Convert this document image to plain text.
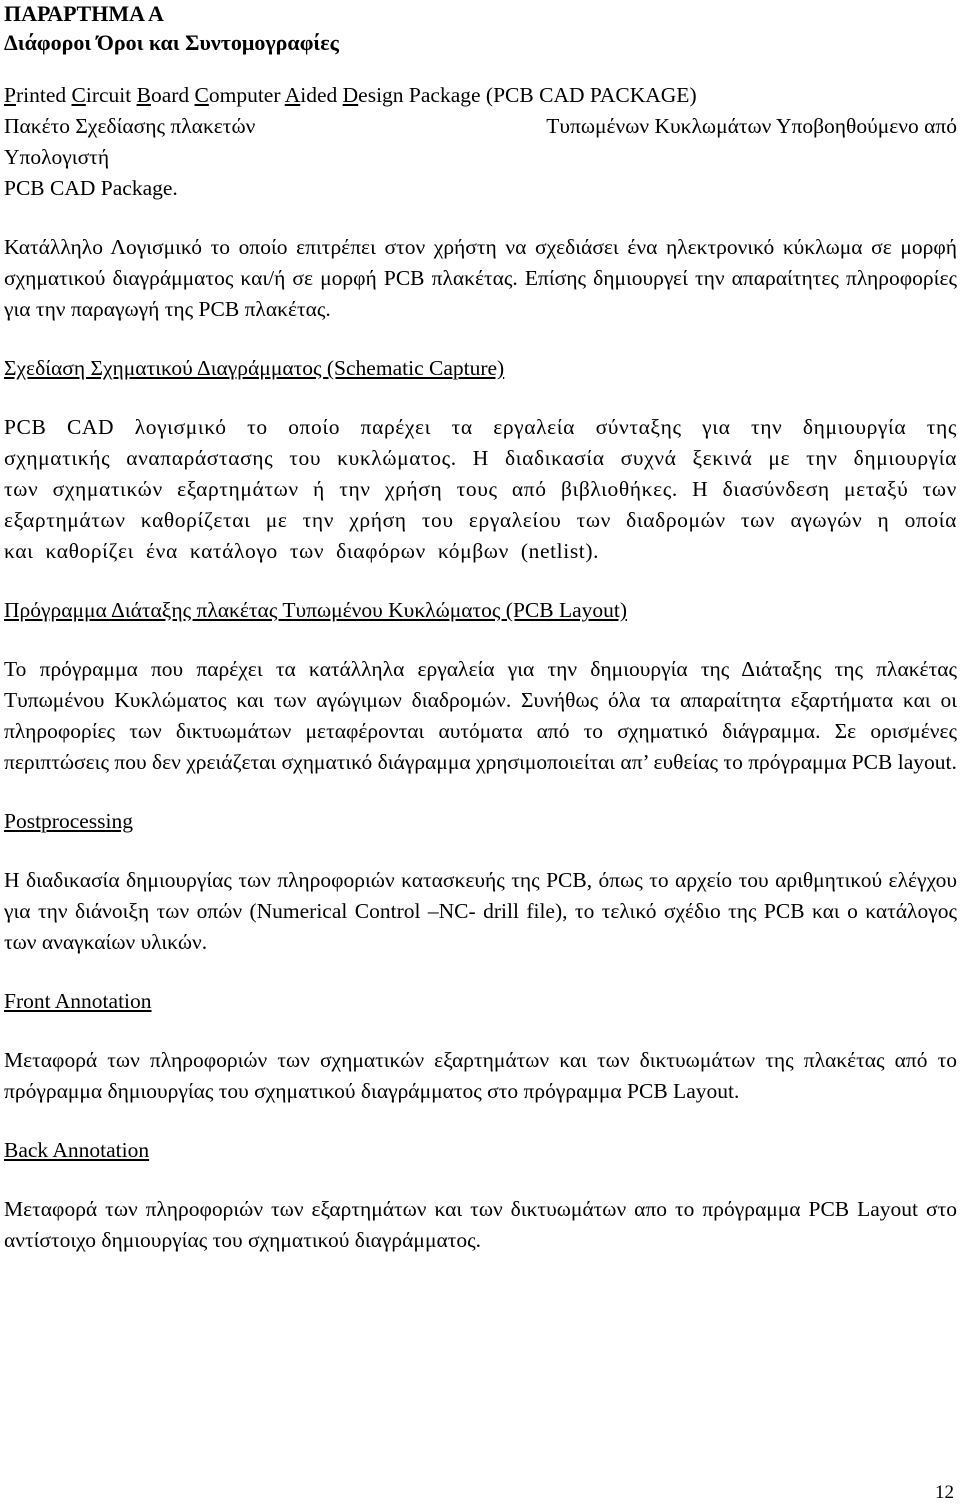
ΠΑΡΑΡΤΗΜΑ Α
Διάφοροι Όροι και Συντομογραφίες
Printed Circuit Board Computer Aided Design Package (PCB CAD PACKAGE)
Πακέτο Σχεδίασης πλακετών	Τυπωμένων Κυκλωμάτων Υποβοηθούμενο από
Υπολογιστή
PCB CAD Package.

Κατάλληλο Λογισμικό το οποίο επιτρέπει στον χρήστη να σχεδιάσει ένα ηλεκτρονικό κύκλωμα σε μορφή σχηματικού διαγράμματος και/ή σε μορφή PCB πλακέτας. Επίσης δημιουργεί την απαραίτητες πληροφορίες για την παραγωγή της PCB πλακέτας.

Σχεδίαση Σχηματικού Διαγράμματος (Schematic Capture)

PCB CAD λογισμικό το οποίο παρέχει τα εργαλεία σύνταξης για την δημιουργία της σχηματικής αναπαράστασης του κυκλώματος. Η διαδικασία συχνά ξεκινά με την δημιουργία των σχηματικών εξαρτημάτων ή την χρήση τους από βιβλιοθήκες. Η διασύνδεση μεταξύ των εξαρτημάτων καθορίζεται με την χρήση του εργαλείου των διαδρομών των αγωγών η οποία και καθορίζει ένα κατάλογο των διαφόρων κόμβων (netlist).

Πρόγραμμα Διάταξης πλακέτας Τυπωμένου Κυκλώματος (PCB Layout)

Το πρόγραμμα που παρέχει τα κατάλληλα εργαλεία για την δημιουργία της Διάταξης της πλακέτας Τυπωμένου Κυκλώματος και των αγώγιμων διαδρομών. Συνήθως όλα τα απαραίτητα εξαρτήματα και οι πληροφορίες των δικτυωμάτων μεταφέρονται αυτόματα από το σχηματικό διάγραμμα. Σε ορισμένες περιπτώσεις που δεν χρειάζεται σχηματικό διάγραμμα χρησιμοποιείται απ’ ευθείας το πρόγραμμα PCB layout.

Postprocessing

Η διαδικασία δημιουργίας των πληροφοριών κατασκευής της PCB, όπως το αρχείο του αριθμητικού ελέγχου για την διάνοιξη των οπών (Numerical Control –NC- drill file), το τελικό σχέδιο της PCB και ο κατάλογος των αναγκαίων υλικών.

Front Annotation

Μεταφορά των πληροφοριών των σχηματικών εξαρτημάτων και των δικτυωμάτων της πλακέτας από το πρόγραμμα δημιουργίας του σχηματικού διαγράμματος στο πρόγραμμα PCB Layout.

Back Annotation

Μεταφορά των πληροφοριών των εξαρτημάτων και των δικτυωμάτων απο το πρόγραμμα PCB Layout στο αντίστοιχο δημιουργίας του σχηματικού διαγράμματος.

12
